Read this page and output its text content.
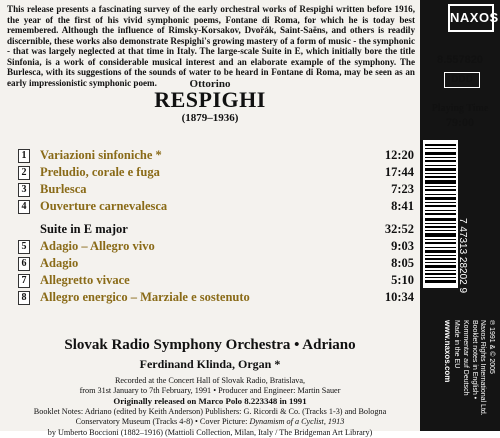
This release presents a fascinating survey of the early orchestral works of Respighi written before 1916, the year of the first of his vivid symphonic poems, Fontane di Roma, for which he is today best remembered. Although the influence of Rimsky-Korsakov, Dvořák, Saint-Saëns, and others is readily discernible, these works also demonstrate Respighi's growing mastery of a form of music - the symphonic - that was largely neglected at that time in Italy. The large-scale Suite in E, which initially bore the title Sinfonia, is a work of considerable musical interest and an elaborate example of the symphony. The Burlesca, with its suggestions of the sounds of water to be heard in Fontane di Roma, may be seen as an early impressionistic symphonic poem.	Ottorino
RESPIGHI
(1879–1936)
1 Variazioni sinfoniche *	12:20
2 Preludio, corale e fuga	17:44
3 Burlesca	7:23
4 Ouverture carnevalesca	8:41
Suite in E major	32:52
5 Adagio – Allegro vivo	9:03
6 Adagio	8:05
7 Allegretto vivace	5:10
8 Allegro energico – Marziale e sostenuto	10:34
Slovak Radio Symphony Orchestra • Adriano
Ferdinand Klinda, Organ *
Recorded at the Concert Hall of Slovak Radio, Bratislava,
from 31st January to 7th February, 1991 • Producer and Engineer: Martin Sauer
Originally released on Marco Polo 8.223348 in 1991
Booklet Notes: Adriano (edited by Keith Anderson) Publishers: G. Ricordi & Co. (Tracks 1-3) and Bologna
Conservatory Museum (Tracks 4-8) • Cover Picture: Dynamism of a Cyclist, 1913
by Umberto Boccioni (1882–1916) (Mattioli Collection, Milan, Italy / The Bridgeman Art Library)
NAXOS
8.557820
DDD
Playing Time
79:00
7 47313 28202 9
℗ 1991 & © 2005
Naxos Rights International Ltd.
Booklet notes in English • Kommentar auf Deutsch
Made in the EU
www.naxos.com
